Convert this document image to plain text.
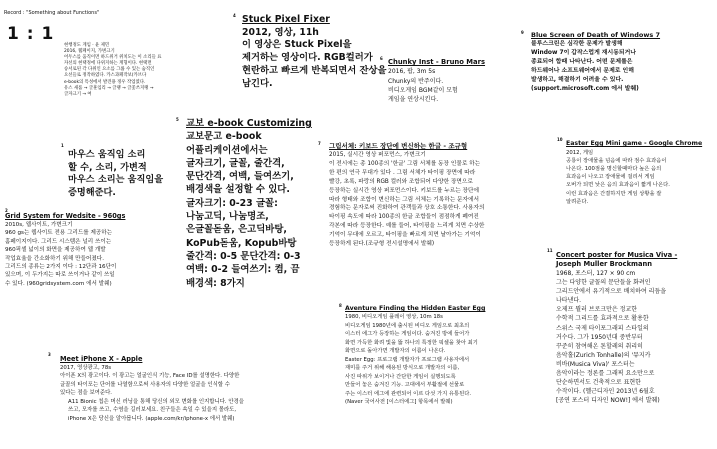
Record : "Something about Functions"
1 : 1
현행정도 게임 · 윤 제민
2016, 웹페이지, 가변크기
어두스를 움직이면 하드위거 위치도는 이 소리들 표
자선의 현택정에 다위지하는 계형이다. 현택면
승서로된 각 다위인 요소를 그룹 수 있는 숨직인
요선들로 정작하였다. 카스과폐작보(카브다
e-book의 특성에서 발견용 정우 작업였다.
유스 새롭 → 글훈입리 → 글랭 → 글꽃쓰지랭 →
글자크기 → 여
1
마우스 움직임 소리
할 수, 소리, 가변적
마우스 소리는 움직임을
증명해준다.
2
Grid System for Wedsite - 960gs
2010s, 웹사이트, 가변크기
960 gs는 웹사이트 전용 그리드를 제공하는
홈페이지이다. 그리드 시스템은 널리 쓰이는
960픽셀 넓이의 화면을 제공하여 웹 개발
작업효율을 간소화하기 위해 만들어졌다.
그리드의 종류는 2가지 이다 : 12단과 16단이
있으며, 이 두가지는 따로 쓰이거나 같이 쓰일
수 있다. (960gridsystem.com 에서 발췌)
3
Meet iPhone X - Apple
2017, 영상광고, 78s
아이폰 X의 광고이다. 이 광고는 얼굴인식 기능, Face ID를 설명한다. 다양한
글꼴의 타이포는 단어를 나열함으로써 사용자의 다양한 얼굴을 인식할 수
있다는 점을 보여준다.
A11 Bionic 칩은 머신 러닝을 통해 당신의 외모 변화를 인지합니다. 안경을
쓰고, 모자를 쓰고, 수염을 길러보세요. 친구들은 속일 수 있을지 몰라도,
iPhone X은 당신을 알아봅니다. (apple.com/kr/iphone-x 에서 발췌)
4 Stuck Pixel Fixer
2012, 영상, 11h
이 영상은 Stuck Pixel을
제거하는 영상이다. RGB컬러가
현란하고 빠르게 반복되면서 잔상을
남긴다.
5 교보 e-book Customizing
교보문고 e-book
어플리케이션에서는
글자크기, 글꼴, 줄간격,
문단간격, 여백, 들여쓰기,
배경색을 설정할 수 있다.
글자크기: 0-23 글꼴:
나눔고딕, 나눔명조,
은글꼴돋움, 은고딕바탕,
KoPub돋움, Kopub바탕
줄간격: 0-5 문단간격: 0-3
여백: 0-2 들여쓰기: 켬, 끔
배경색: 8가지
6 Chunky Inst - Bruno Mars
2016, 팝, 3m 5s
Chunky의 반주이다.
비디오게임 BGM같이 모험
게임을 연상시킨다.
7 그림서체: 키보드 장단에 변신하는 한글 - 조규형
2015, 실시간 영상 퍼포먼스, 가변크기
이 전시에는 총 100종의 '한글' 그림 서체를 동장 인물로 하는
한 편의 연극 무대가 있다 . 그림 서체가 타이핑 장면에 따라
빨강, 초록, 파랑의 RGB 컬러와 조합되어 다양한 장면으로
등장하는 실시간 영상 퍼포먼스이다. 키보드를 누르는 장단에
따라 형태와 조합이 변신하는 그림 서체는 기록하는 문자에서
경험하는 문자로써 진화하여 관객들과 상호 소통한다. 사용자의
타이핑 속도에 따라 100종의 한글 조합들이 점점하게 폐여진
각본에 따라 등장한다. 예를 들어, 타이핑을 느리게 치면 수상한
기억이 무대에 오르고, 타이핑을 빠르게 치면 날아가는 기억이
등장하게 된다.(조규형 전시설명에서 발췌)
8 Aventure Finding the Hidden Easter Egg
1980, 비디오게임 플레이 영상, 10m 18s
비디오게임 1980년에 출시된 비디오 게임으로 최초의
이스터 에그가 등장하는 게임이다. 숨겨진 방에 들어가
화면 가득한 화려 빛을 뚫 하나의 특정한 픽셀을 찾아 최기
화면으로 돌아가면 개발자의 이름이 나온다.
Easter Egg: 프로그램 개발자가 프로그램 사용자에서
재미를 주거 위해 해용된 방식으로 개발자의 이름,
사진 따위가 보이거나 간단한 게임이 실행되도록
만들어 놓은 숨겨진 기능. 고대에서 부활절에 선물로
주는 이스터 에그에 관련되어 이르 다섯 가지 유통된다.
(Naver 국어사전 [이스터에그] 항목에서 발췌)
9 Blue Screen of Death of Windows 7
블루스크린은 심각한 문제가 발생해
Window 7이 갑작스럽게 재시동되거나
종료되어 합때 나타난다. 어떤 문제를은
하드웨어나 소프트웨어에서 문제로 인해
발생하고, 해결하기 어려울 수 있다.
(support.microsoft.com 에서 발췌)
10
Easter Egg Mini game - Google Chrome
2012, 게임
공룡이 장애물을 넘음에 따라 점수 효과음이
나온다. 100점을 명신할때마다 높은 음의
효과음이 나오고 장애물에 걸리서 게임
오버가 되면 낮은 음의 효과음이 짧게 나온다.
이런 효과음은 간결하지만 게임 상황을 잘
알려준다.
11
Concert poster for Musica Viva -
Joseph Muller Brockmann
1968, 포스터, 127 × 90 cm
그는 다양한 글꼴의 문단들을 화려인
그리드안에서 유기적으로 배치하여 리듬을
나타낸다.
오제프 뮐러 브로크만은 정교한
수학적 그리드를 효과적으로 활용한
스위스 국제 타이포그래피 스타일의
거수다. 그가 1950년대 중반부터
꾸준히 참여해온 톤할레의 취리히
음악홀(Zurich Tonhalle)의 '뮤지카
비바(Musica Viva)' 포스터는
음악이라는 정론를 그래픽 요소만으로
단순하면서도 건축적으로 표현한
수작이다. (헬근디자인 2013년 6월호
[공연 포스터 디자인 NOW!] 에서 발췌)
